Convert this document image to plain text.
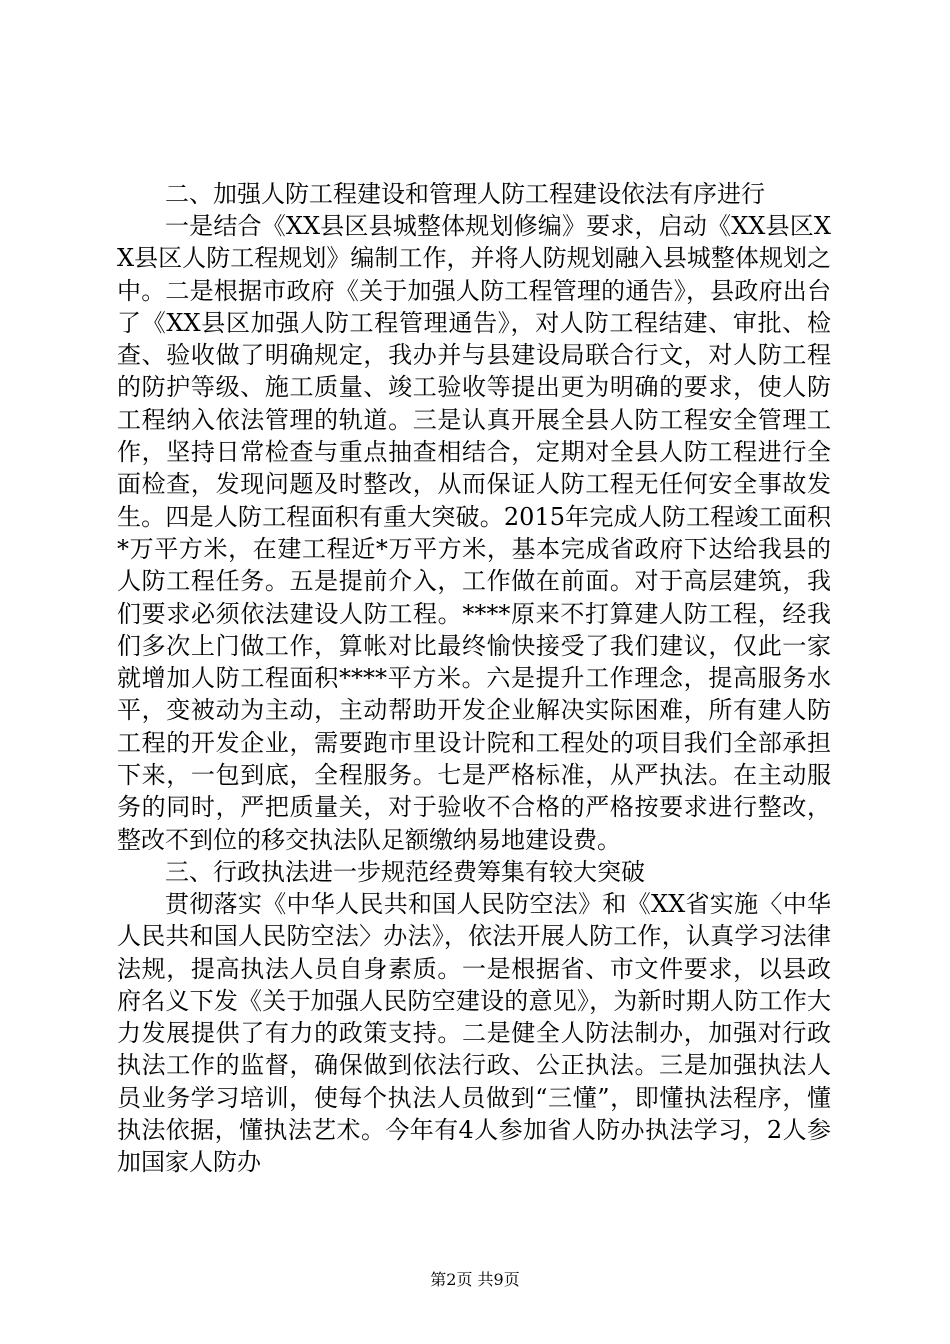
二、加强人防工程建设和管理人防工程建设依法有序进行

一是结合《XX县区县城整体规划修编》要求，启动《XX县区XX县区人防工程规划》编制工作，并将人防规划融入县城整体规划之中。二是根据市政府《关于加强人防工程管理的通告》，县政府出台了《XX县区加强人防工程管理通告》，对人防工程结建、审批、检查、验收做了明确规定，我办并与县建设局联合行文，对人防工程的防护等级、施工质量、竣工验收等提出更为明确的要求，使人防工程纳入依法管理的轨道。三是认真开展全县人防工程安全管理工作，坚持日常检查与重点抽查相结合，定期对全县人防工程进行全面检查，发现问题及时整改，从而保证人防工程无任何安全事故发生。四是人防工程面积有重大突破。2015年完成人防工程竣工面积*万平方米，在建工程近*万平方米，基本完成省政府下达给我县的人防工程任务。五是提前介入，工作做在前面。对于高层建筑，我们要求必须依法建设人防工程。****原来不打算建人防工程，经我们多次上门做工作，算帐对比最终愉快接受了我们建议，仅此一家就增加人防工程面积****平方米。六是提升工作理念，提高服务水平，变被动为主动，主动帮助开发企业解决实际困难，所有建人防工程的开发企业，需要跑市里设计院和工程处的项目我们全部承担下来，一包到底，全程服务。七是严格标准，从严执法。在主动服务的同时，严把质量关，对于验收不合格的严格按要求进行整改，整改不到位的移交执法队足额缴纳易地建设费。

三、行政执法进一步规范经费筹集有较大突破

贯彻落实《中华人民共和国人民防空法》和《XX省实施〈中华人民共和国人民防空法〉办法》，依法开展人防工作，认真学习法律法规，提高执法人员自身素质。一是根据省、市文件要求，以县政府名义下发《关于加强人民防空建设的意见》，为新时期人防工作大力发展提供了有力的政策支持。二是健全人防法制办，加强对行政执法工作的监督，确保做到依法行政、公正执法。三是加强执法人员业务学习培训，使每个执法人员做到“三懂”，即懂执法程序，懂执法依据，懂执法艺术。今年有4人参加省人防办执法学习，2人参加国家人防办

第2页 共9页
